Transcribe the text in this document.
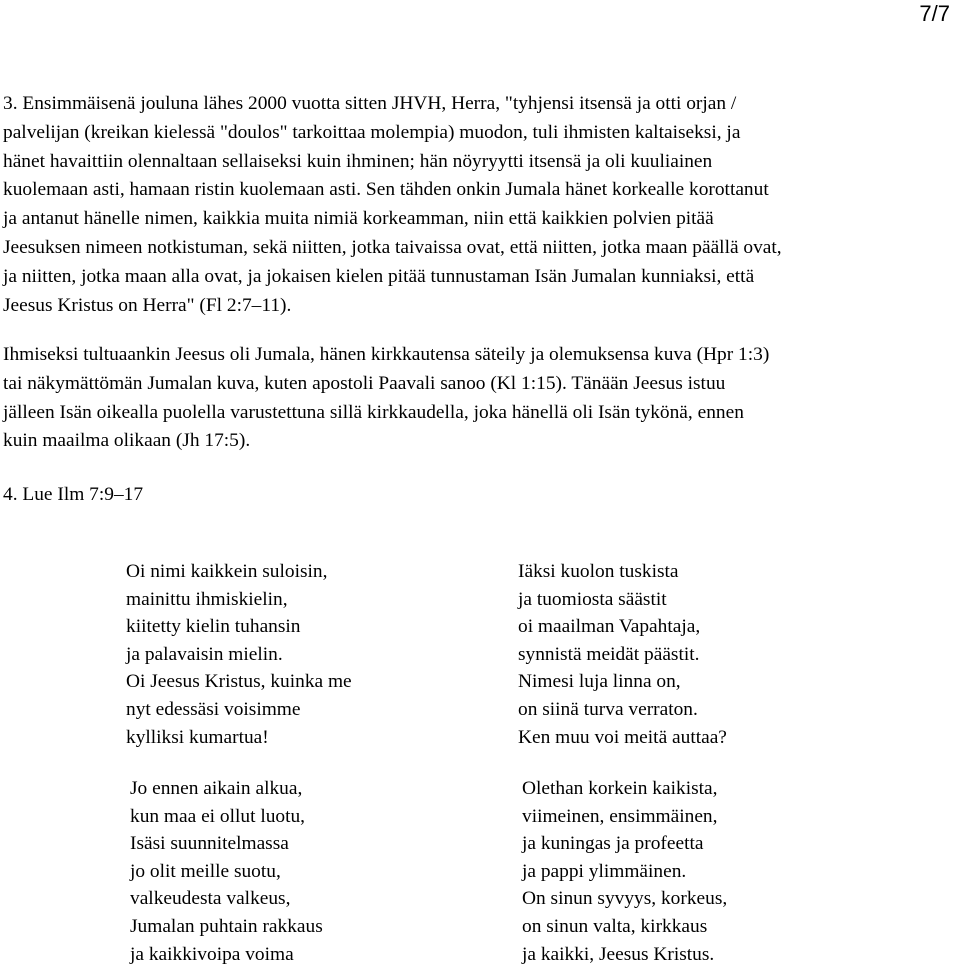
7/7
3. Ensimmäisenä jouluna lähes 2000 vuotta sitten JHVH, Herra, "tyhjensi itsensä ja otti orjan /
palvelijan (kreikan kielessä "doulos" tarkoittaa molempia) muodon, tuli ihmisten kaltaiseksi, ja
hänet havaittiin olennaltaan sellaiseksi kuin ihminen; hän nöyryytti itsensä ja oli kuuliainen
kuolemaan asti, hamaan ristin kuolemaan asti. Sen tähden onkin Jumala hänet korkealle korottanut
ja antanut hänelle nimen, kaikkia muita nimiä korkeamman, niin että kaikkien polvien pitää
Jeesuksen nimeen notkistuman, sekä niitten, jotka taivaissa ovat, että niitten, jotka maan päällä ovat,
ja niitten, jotka maan alla ovat, ja jokaisen kielen pitää tunnustaman Isän Jumalan kunniaksi, että
Jeesus Kristus on Herra" (Fl 2:7–11).
Ihmiseksi tultuaankin Jeesus oli Jumala, hänen kirkkautensa säteily ja olemuksensa kuva (Hpr 1:3)
tai näkymättömän Jumalan kuva, kuten apostoli Paavali sanoo (Kl 1:15). Tänään Jeesus istuu
jälleen Isän oikealla puolella varustettuna sillä kirkkaudella, joka hänellä oli Isän tykönä, ennen
kuin maailma olikaan (Jh 17:5).
4. Lue Ilm 7:9–17
Oi nimi kaikkein suloisin,
mainittu ihmiskielin,
kiitetty kielin tuhansin
ja palavaisin mielin.
Oi Jeesus Kristus, kuinka me
nyt edessäsi voisimme
kylliksi kumartua!
Iäksi kuolon tuskista
ja tuomiosta säästit
oi maailman Vapahtaja,
synnistä meidät päästit.
Nimesi luja linna on,
on siinä turva verraton.
Ken muu voi meitä auttaa?
Jo ennen aikain alkua,
kun maa ei ollut luotu,
Isäsi suunnitelmassa
jo olit meille suotu,
valkeudesta valkeus,
Jumalan puhtain rakkaus
ja kaikkivoipa voima
Olethan korkein kaikista,
viimeinen, ensimmäinen,
ja kuningas ja profeetta
ja pappi ylimmäinen.
On sinun syvyys, korkeus,
on sinun valta, kirkkaus
ja kaikki, Jeesus Kristus.
